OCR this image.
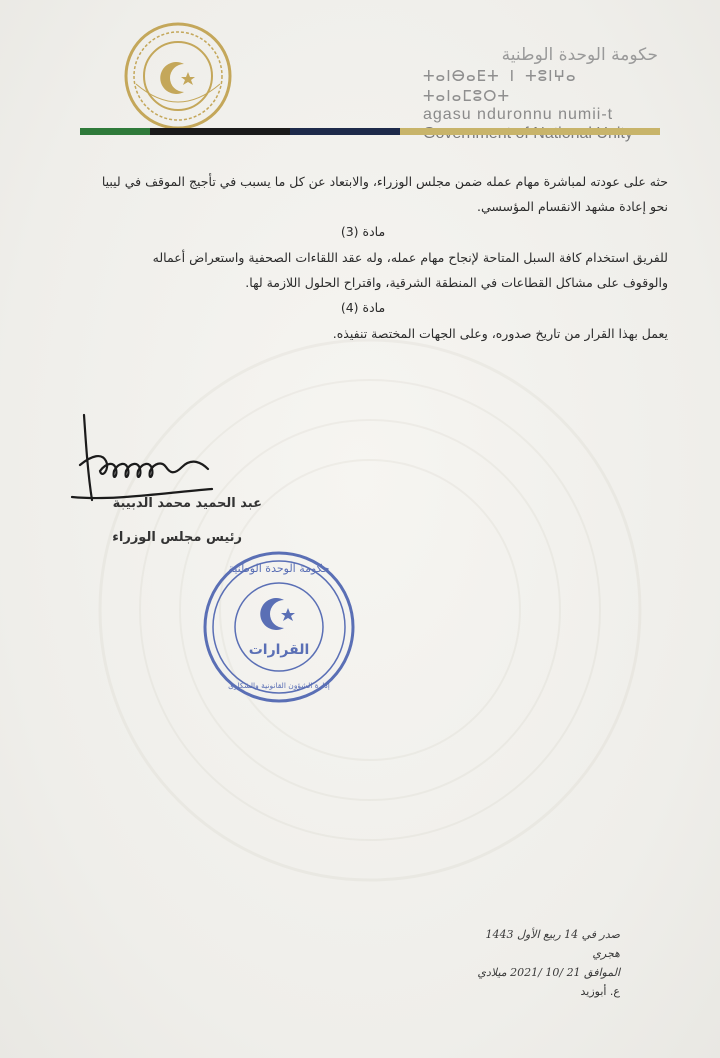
حكومة الوحدة الوطنية
ⵜⴰⵏⴱⴰⴹⵜ ⵏ ⵜⵓⵏⵖⴰ ⵜⴰⵏⴰⵎⵓⵔⵜ
agasu nduronnu numii-t

حثه على عودته لمباشرة مهام عمله ضمن مجلس الوزراء، والابتعاد عن كل ما يسبب في تأجيج الموقف في ليبيا

نحو إعادة مشهد الانقسام المؤسسي.

مادة (3)

للفريق استخدام كافة السبل المتاحة لإنجاح مهام عمله، وله عقد اللقاءات الصحفية واستعراض أعماله

والوقوف على مشاكل القطاعات في المنطقة الشرقية، واقتراح الحلول اللازمة لها.

مادة (4)

يعمل بهذا القرار من تاريخ صدوره، وعلى الجهات المختصة تنفيذه.

عبد الحميد محمد الدبيبة
رئيس مجلس الوزراء
حكومة الوحدة الوطنية
القرارات
إدارة الشؤون القانونية والشكاوى
صدر في 14 ربيع الأول 1443 هجري
الموافق 21 /10 /2021 ميلادي
ع. أبوزيد
